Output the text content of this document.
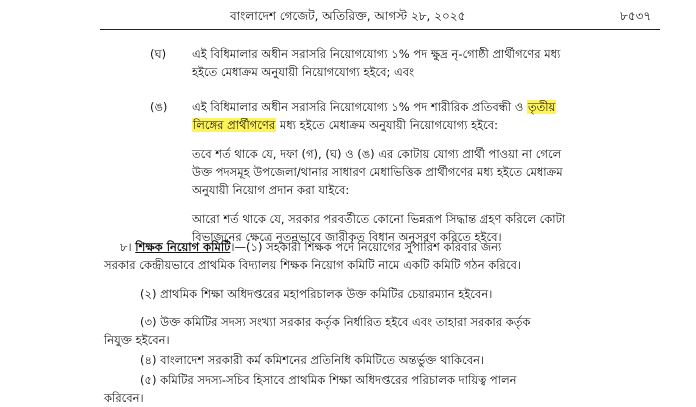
বাংলাদেশ গেজেট, অতিরিক্ত, আগস্ট ২৮, ২০২৫	৮৫৩৭
(ঘ) এই বিধিমালার অধীন সরাসরি নিয়োগযোগ্য ১% পদ ক্ষুদ্র নৃ-গোষ্ঠী প্রার্থীগণের মধ্য
হইতে মেধাক্রম অনুযায়ী নিয়োগযোগ্য হইবে; এবং
(ঙ) এই বিধিমালার অধীন সরাসরি নিয়োগযোগ্য ১% পদ শারীরিক প্রতিবন্ধী ও তৃতীয়
লিঙ্গের প্রার্থীগণের মধ্য হইতে মেধাক্রম অনুযায়ী নিয়োগযোগ্য হইবে:
তবে শর্ত থাকে যে, দফা (গ), (ঘ) ও (ঙ) এর কোটায় যোগ্য প্রার্থী পাওয়া না গেলে
উক্ত পদসমূহ উপজেলা/থানার সাধারণ মেধাভিত্তিক প্রার্থীগণের মধ্য হইতে মেধাক্রম
অনুযায়ী নিয়োগ প্রদান করা যাইবে:
আরো শর্ত থাকে যে, সরকার পরবর্তীতে কোনো ভিন্নরূপ সিদ্ধান্ত গ্রহণ করিলে কোটা
বিভাজনের ক্ষেত্রে নূতনভাবে জারীকৃত বিধান অনুসরণ করিতে হইবে।
৮। শিক্ষক নিয়োগ কমিটি।—(১) সহকারী শিক্ষক পদে নিয়োগের সুপারিশ করিবার জন্য
সরকার কেন্দ্রীয়ভাবে প্রাথমিক বিদ্যালয় শিক্ষক নিয়োগ কমিটি নামে একটি কমিটি গঠন করিবে।
(২) প্রাথমিক শিক্ষা অধিদপ্তরের মহাপরিচালক উক্ত কমিটির চেয়ারম্যান হইবেন।
(৩) উক্ত কমিটির সদস্য সংখ্যা সরকার কর্তৃক নির্ধারিত হইবে এবং তাহারা সরকার কর্তৃক
নিযুক্ত হইবেন।
(৪) বাংলাদেশ সরকারী কর্ম কমিশনের প্রতিনিধি কমিটিতে অন্তর্ভুক্ত থাকিবেন।
(৫) কমিটির সদস্য-সচিব হিসাবে প্রাথমিক শিক্ষা অধিদপ্তরের পরিচালক দায়িত্ব পালন
করিবেন।
